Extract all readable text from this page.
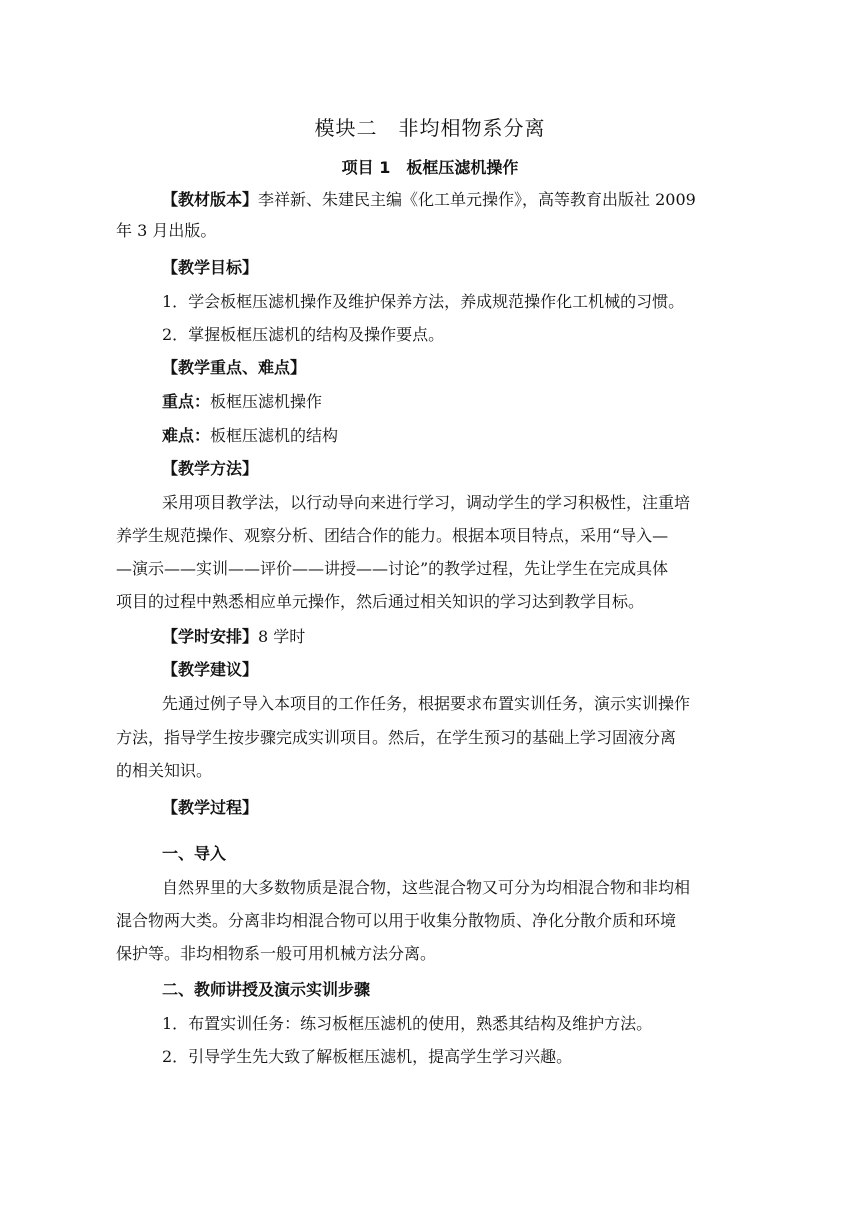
模块二　非均相物系分离
项目 1　板框压滤机操作
【教材版本】李祥新、朱建民主编《化工单元操作》，高等教育出版社 2009
年 3 月出版。
【教学目标】
1．学会板框压滤机操作及维护保养方法，养成规范操作化工机械的习惯。
2．掌握板框压滤机的结构及操作要点。
【教学重点、难点】
重点：板框压滤机操作
难点：板框压滤机的结构
【教学方法】
采用项目教学法，以行动导向来进行学习，调动学生的学习积极性，注重培
养学生规范操作、观察分析、团结合作的能力。根据本项目特点，采用“导入—
—演示——实训——评价——讲授——讨论”的教学过程，先让学生在完成具体
项目的过程中熟悉相应单元操作，然后通过相关知识的学习达到教学目标。
【学时安排】8 学时
【教学建议】
先通过例子导入本项目的工作任务，根据要求布置实训任务，演示实训操作
方法，指导学生按步骤完成实训项目。然后，在学生预习的基础上学习固液分离
的相关知识。
【教学过程】
一、导入
自然界里的大多数物质是混合物，这些混合物又可分为均相混合物和非均相
混合物两大类。分离非均相混合物可以用于收集分散物质、净化分散介质和环境
保护等。非均相物系一般可用机械方法分离。
二、教师讲授及演示实训步骤
1．布置实训任务：练习板框压滤机的使用，熟悉其结构及维护方法。
2．引导学生先大致了解板框压滤机，提高学生学习兴趣。
